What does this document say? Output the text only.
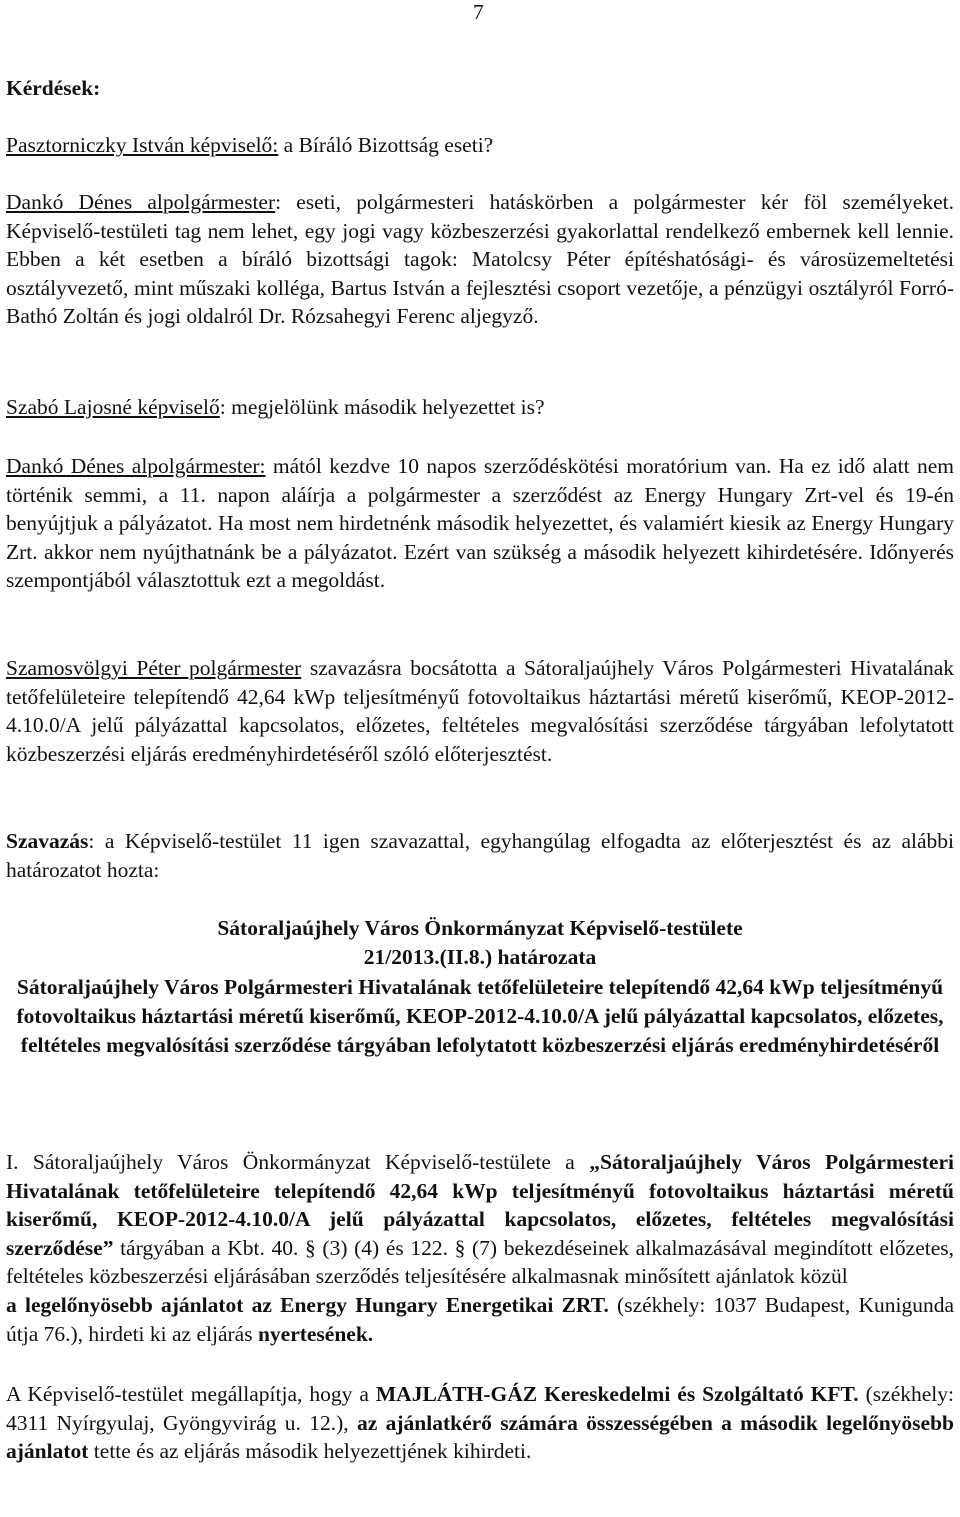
7

Kérdések:

Pasztorniczky István képviselő: a Bíráló Bizottság eseti?

Dankó Dénes alpolgármester: eseti, polgármesteri hatáskörben a polgármester kér föl személyeket. Képviselő-testületi tag nem lehet, egy jogi vagy közbeszerzési gyakorlattal rendelkező embernek kell lennie. Ebben a két esetben a bíráló bizottsági tagok: Matolcsy Péter építéshatósági- és városüzemeltetési osztályvezető, mint műszaki kolléga, Bartus István a fejlesztési csoport vezetője, a pénzügyi osztályról Forró-Bathó Zoltán és jogi oldalról Dr. Rózsahegyi Ferenc aljegyző.

Szabó Lajosné képviselő: megjelölünk második helyezettet is?

Dankó Dénes alpolgármester: mától kezdve 10 napos szerződéskötési moratórium van. Ha ez idő alatt nem történik semmi, a 11. napon aláírja a polgármester a szerződést az Energy Hungary Zrt-vel és 19-én benyújtjuk a pályázatot. Ha most nem hirdetnénk második helyezettet, és valamiért kiesik az Energy Hungary Zrt. akkor nem nyújthatnánk be a pályázatot. Ezért van szükség a második helyezett kihirdetésére. Időnyerés szempontjából választottuk ezt a megoldást.

Szamosvölgyi Péter polgármester szavazásra bocsátotta a Sátoraljaújhely Város Polgármesteri Hivatalának tetőfelületeire telepítendő 42,64 kWp teljesítményű fotovoltaikus háztartási méretű kiserőmű, KEOP-2012-4.10.0/A jelű pályázattal kapcsolatos, előzetes, feltételes megvalósítási szerződése tárgyában lefolytatott közbeszerzési eljárás eredményhirdetéséről szóló előterjesztést.

Szavazás: a Képviselő-testület 11 igen szavazattal, egyhangúlag elfogadta az előterjesztést és az alábbi határozatot hozta:

Sátoraljaújhely Város Önkormányzat Képviselő-testülete

21/2013.(II.8.) határozata

Sátoraljaújhely Város Polgármesteri Hivatalának tetőfelületeire telepítendő 42,64 kWp teljesítményű fotovoltaikus háztartási méretű kiserőmű, KEOP-2012-4.10.0/A jelű pályázattal kapcsolatos, előzetes, feltételes megvalósítási szerződése tárgyában lefolytatott közbeszerzési eljárás eredményhirdetéséről

I. Sátoraljaújhely Város Önkormányzat Képviselő-testülete a „Sátoraljaújhely Város Polgármesteri Hivatalának tetőfelületeire telepítendő 42,64 kWp teljesítményű fotovoltaikus háztartási méretű kiserőmű, KEOP-2012-4.10.0/A jelű pályázattal kapcsolatos, előzetes, feltételes megvalósítási szerződése” tárgyában a Kbt. 40. § (3) (4) és 122. § (7) bekezdéseinek alkalmazásával megindított előzetes, feltételes közbeszerzési eljárásában szerződés teljesítésére alkalmasnak minősített ajánlatok közül
a legelőnyösebb ajánlatot az Energy Hungary Energetikai ZRT. (székhely: 1037 Budapest, Kunigunda útja 76.), hirdeti ki az eljárás nyertesének.

A Képviselő-testület megállapítja, hogy a MAJLÁTH-GÁZ Kereskedelmi és Szolgáltató KFT. (székhely: 4311 Nyírgyulaj, Gyöngyvirág u. 12.), az ajánlatkérő számára összességében a második legelőnyösebb ajánlatot tette és az eljárás második helyezettjének kihirdeti.
